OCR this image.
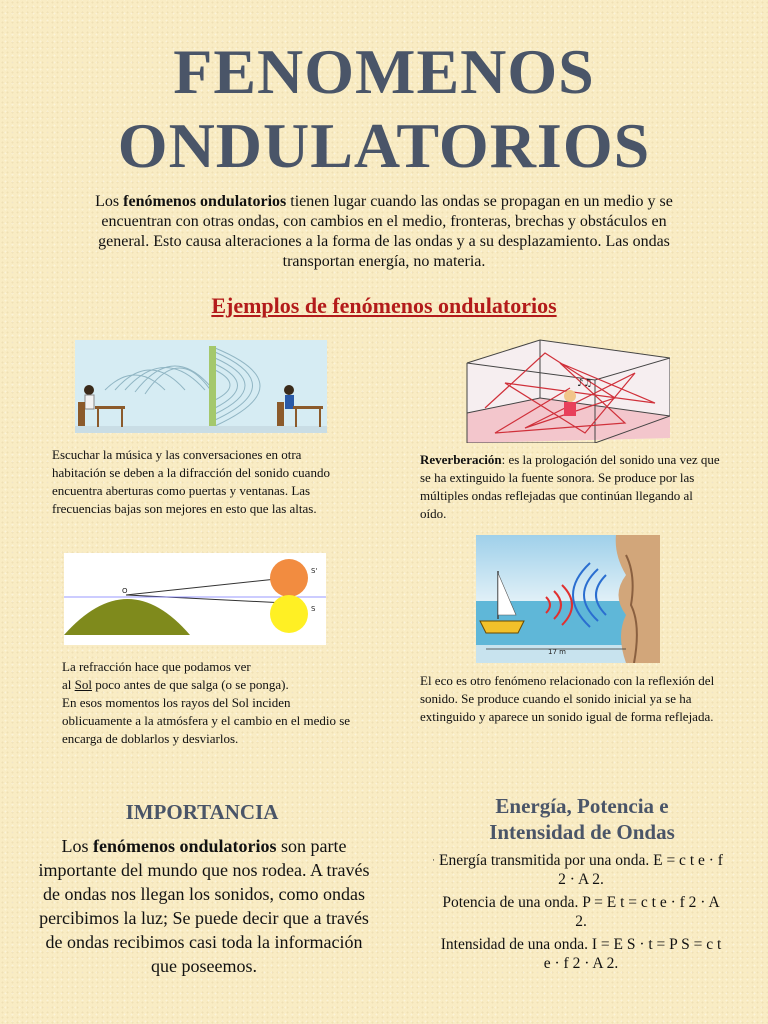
FENOMENOS
ONDULATORIOS
Los fenómenos ondulatorios tienen lugar cuando las ondas se propagan en un medio y se encuentran con otras ondas, con cambios en el medio, fronteras, brechas y obstáculos en general. Esto causa alteraciones a la forma de las ondas y a su desplazamiento. Las ondas transportan energía, no materia.
Ejemplos de fenómenos ondulatorios
Escuchar la música y las conversaciones en otra habitación se deben a la difracción del sonido cuando encuentra aberturas como puertas y ventanas. Las frecuencias bajas son mejores en esto que las altas.
♪♫
Reverberación: es la prologación del sonido una vez que se ha extinguido la fuente sonora. Se produce por las múltiples ondas reflejadas que continúan llegando al oído.
O
S'
S
La refracción hace que podamos ver
al Sol poco antes de que salga (o se ponga).
En esos momentos los rayos del Sol inciden oblicuamente a la atmósfera y el cambio en el medio se encarga de doblarlos y desviarlos.
17 m
El eco es otro fenómeno relacionado con la reflexión del sonido. Se produce cuando el sonido inicial ya se ha extinguido y aparece un sonido igual de forma reflejada.
IMPORTANCIA
Los fenómenos ondulatorios son parte importante del mundo que nos rodea. A través de ondas nos llegan los sonidos, como ondas percibimos la luz; Se puede decir que a través de ondas recibimos casi toda la información que poseemos.
Energía, Potencia e
Intensidad de Ondas
· Energía transmitida por una onda. E = c t e · f 2 · A 2.
Potencia de una onda. P = E t = c t e · f 2 · A 2.
Intensidad de una onda. I = E S · t = P S = c t e · f 2 · A 2.
